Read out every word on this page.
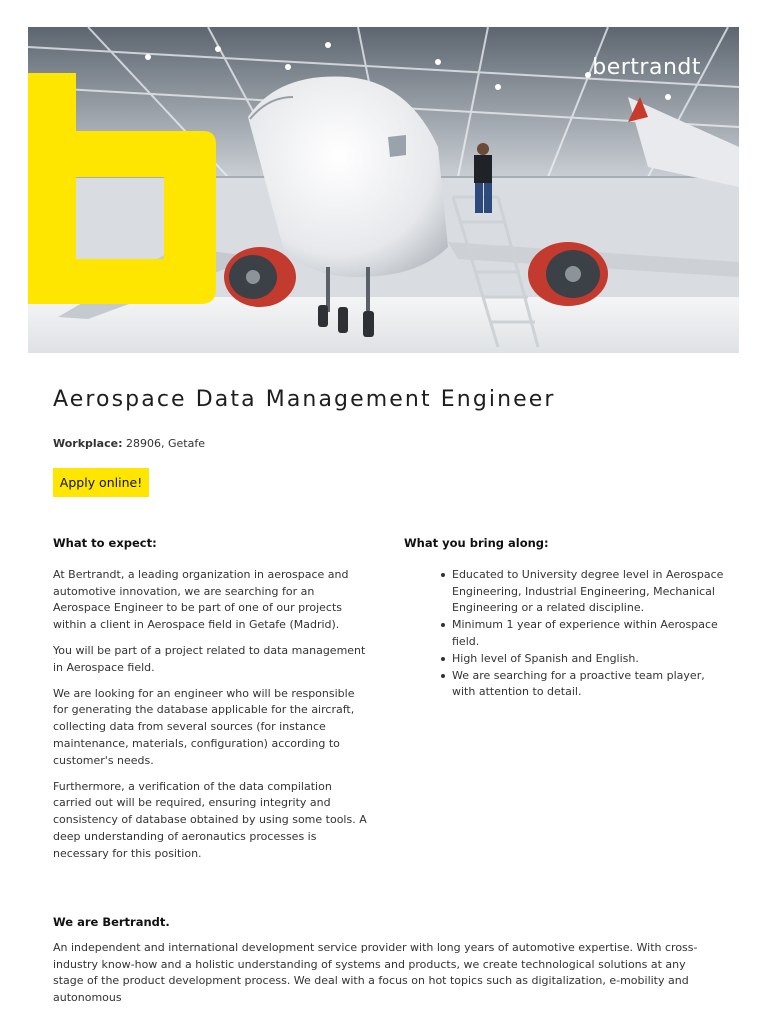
bertrandt
Aerospace Data Management Engineer
Workplace: 28906, Getafe
Apply online!
What to expect:

At Bertrandt, a leading organization in aerospace and automotive innovation, we are searching for an Aerospace Engineer to be part of one of our projects within a client in Aerospace field in Getafe (Madrid).

You will be part of a project related to data management in Aerospace field.

We are looking for an engineer who will be responsible for generating the database applicable for the aircraft, collecting data from several sources (for instance maintenance, materials, configuration) according to customer's needs.

Furthermore, a verification of the data compilation carried out will be required, ensuring integrity and consistency of database obtained by using some tools. A deep understanding of aeronautics processes is necessary for this position.

What you bring along:
Educated to University degree level in Aerospace Engineering, Industrial Engineering, Mechanical Engineering or a related discipline.
Minimum 1 year of experience within Aerospace field.
High level of Spanish and English.
We are searching for a proactive team player, with attention to detail.
We are Bertrandt.

An independent and international development service provider with long years of automotive expertise. With cross-industry know-how and a holistic understanding of systems and products, we create technological solutions at any stage of the product development process. We deal with a focus on hot topics such as digitalization, e-mobility and autonomous
